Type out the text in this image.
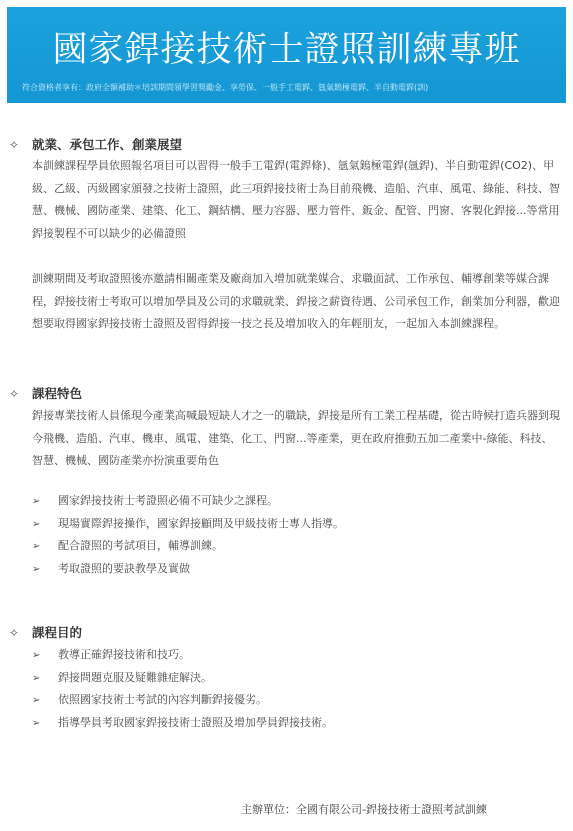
國家銲接技術士證照訓練專班
符合資格者享有：政府全額補助＊培訓期間領學習獎勵金、享勞保、一般手工電銲、氬氣鎢極電銲、半自動電銲(訓)
✧ 就業、承包工作、創業展望

本訓練課程學員依照報名項目可以習得一般手工電銲(電銲條)、氬氣鎢極電銲(氬銲)、半自動電銲(CO2)、甲級、乙級、丙級國家頒發之技術士證照，此三項銲接技術士為目前飛機、造船、汽車、風電、綠能、科技、智慧、機械、國防產業、建築、化工、鋼結構、壓力容器、壓力管件、鈑金、配管、門窗、客製化銲接...等常用銲接製程不可以缺少的必備證照

訓練期間及考取證照後亦邀請相關產業及廠商加入增加就業媒合、求職面試、工作承包、輔導創業等媒合課程，銲接技術士考取可以增加學員及公司的求職就業、銲接之薪資待遇、公司承包工作，創業加分利器，歡迎想要取得國家銲接技術士證照及習得銲接一技之長及增加收入的年輕朋友，一起加入本訓練課程。

✧ 課程特色

銲接專業技術人員係現今產業高喊最短缺人才之一的職缺，銲接是所有工業工程基礎，從古時候打造兵器到現今飛機、造船、汽車、機車、風電、建築、化工、門窗...等產業，更在政府推動五加二產業中-綠能、科技、智慧、機械、國防產業亦扮演重要角色

➢ 國家銲接技術士考證照必備不可缺少之課程。
➢ 現場實際銲接操作，國家銲接顧問及甲級技術士專人指導。
➢ 配合證照的考試項目，輔導訓練。
➢ 考取證照的要訣教學及實做
✧ 課程目的
➢ 教導正確銲接技術和技巧。
➢ 銲接問題克服及疑難雜症解決。
➢ 依照國家技術士考試的內容判斷銲接優劣。
➢ 指導學員考取國家銲接技術士證照及增加學員銲接技術。
主辦單位：全國有限公司-銲接技術士證照考試訓練
